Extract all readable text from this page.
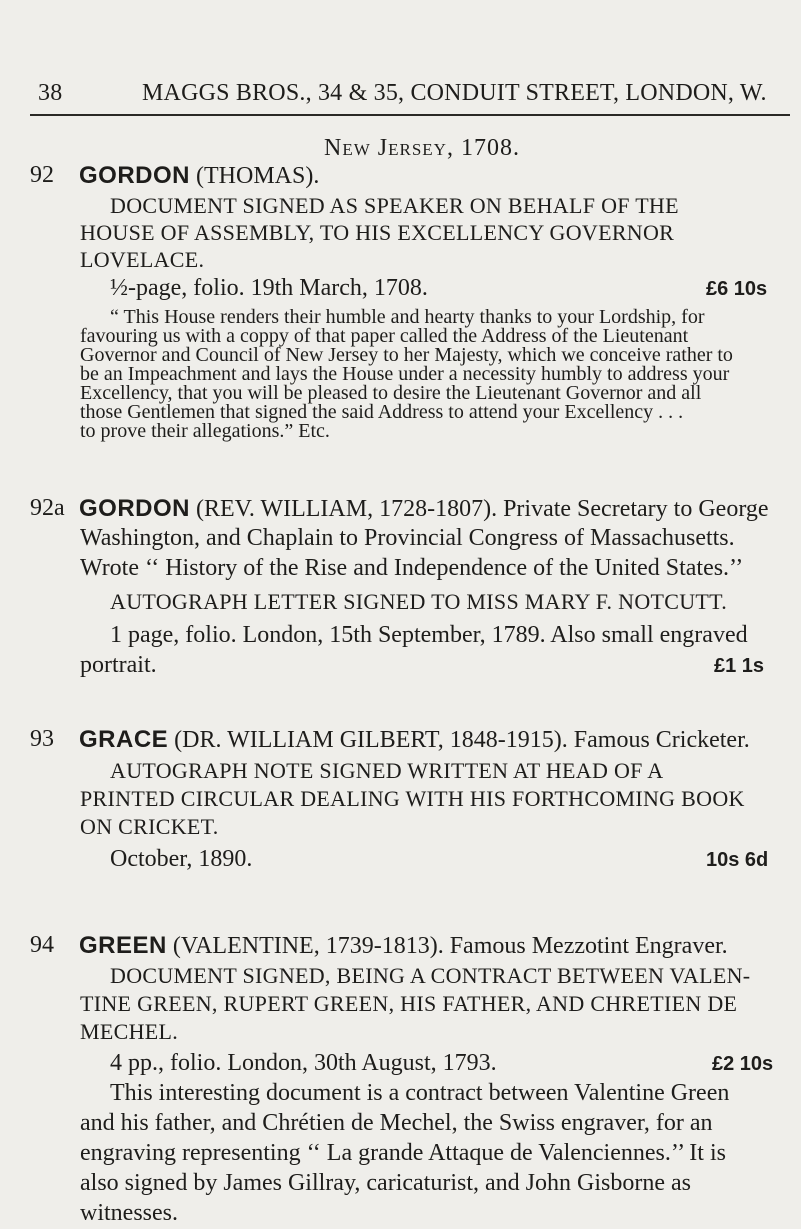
38	MAGGS BROS., 34 & 35, CONDUIT STREET, LONDON, W.
New Jersey, 1708.
92 GORDON (THOMAS).
DOCUMENT SIGNED AS SPEAKER ON BEHALF OF THE
HOUSE OF ASSEMBLY, TO HIS EXCELLENCY GOVERNOR
LOVELACE.
½-page, folio. 19th March, 1708.	£6 10s
“ This House renders their humble and hearty thanks to your Lordship, for
favouring us with a coppy of that paper called the Address of the Lieutenant
Governor and Council of New Jersey to her Majesty, which we conceive rather to
be an Impeachment and lays the House under a necessity humbly to address your
Excellency, that you will be pleased to desire the Lieutenant Governor and all
those Gentlemen that signed the said Address to attend your Excellency . . .
to prove their allegations.” Etc.
92a GORDON (REV. WILLIAM, 1728-1807). Private Secretary to George
Washington, and Chaplain to Provincial Congress of Massachusetts.
Wrote ‘‘ History of the Rise and Independence of the United States.’’
AUTOGRAPH LETTER SIGNED TO MISS MARY F. NOTCUTT.
1 page, folio. London, 15th September, 1789. Also small engraved
portrait.	£1 1s
93 GRACE (DR. WILLIAM GILBERT, 1848-1915). Famous Cricketer.
AUTOGRAPH NOTE SIGNED WRITTEN AT HEAD OF A
PRINTED CIRCULAR DEALING WITH HIS FORTHCOMING BOOK
ON CRICKET.
October, 1890.	10s 6d
94 GREEN (VALENTINE, 1739-1813). Famous Mezzotint Engraver.
DOCUMENT SIGNED, BEING A CONTRACT BETWEEN VALEN-
TINE GREEN, RUPERT GREEN, HIS FATHER, AND CHRETIEN DE
MECHEL.
4 pp., folio. London, 30th August, 1793.	£2 10s
This interesting document is a contract between Valentine Green
and his father, and Chrétien de Mechel, the Swiss engraver, for an
engraving representing ‘‘ La grande Attaque de Valenciennes.’’ It is
also signed by James Gillray, caricaturist, and John Gisborne as
witnesses.
